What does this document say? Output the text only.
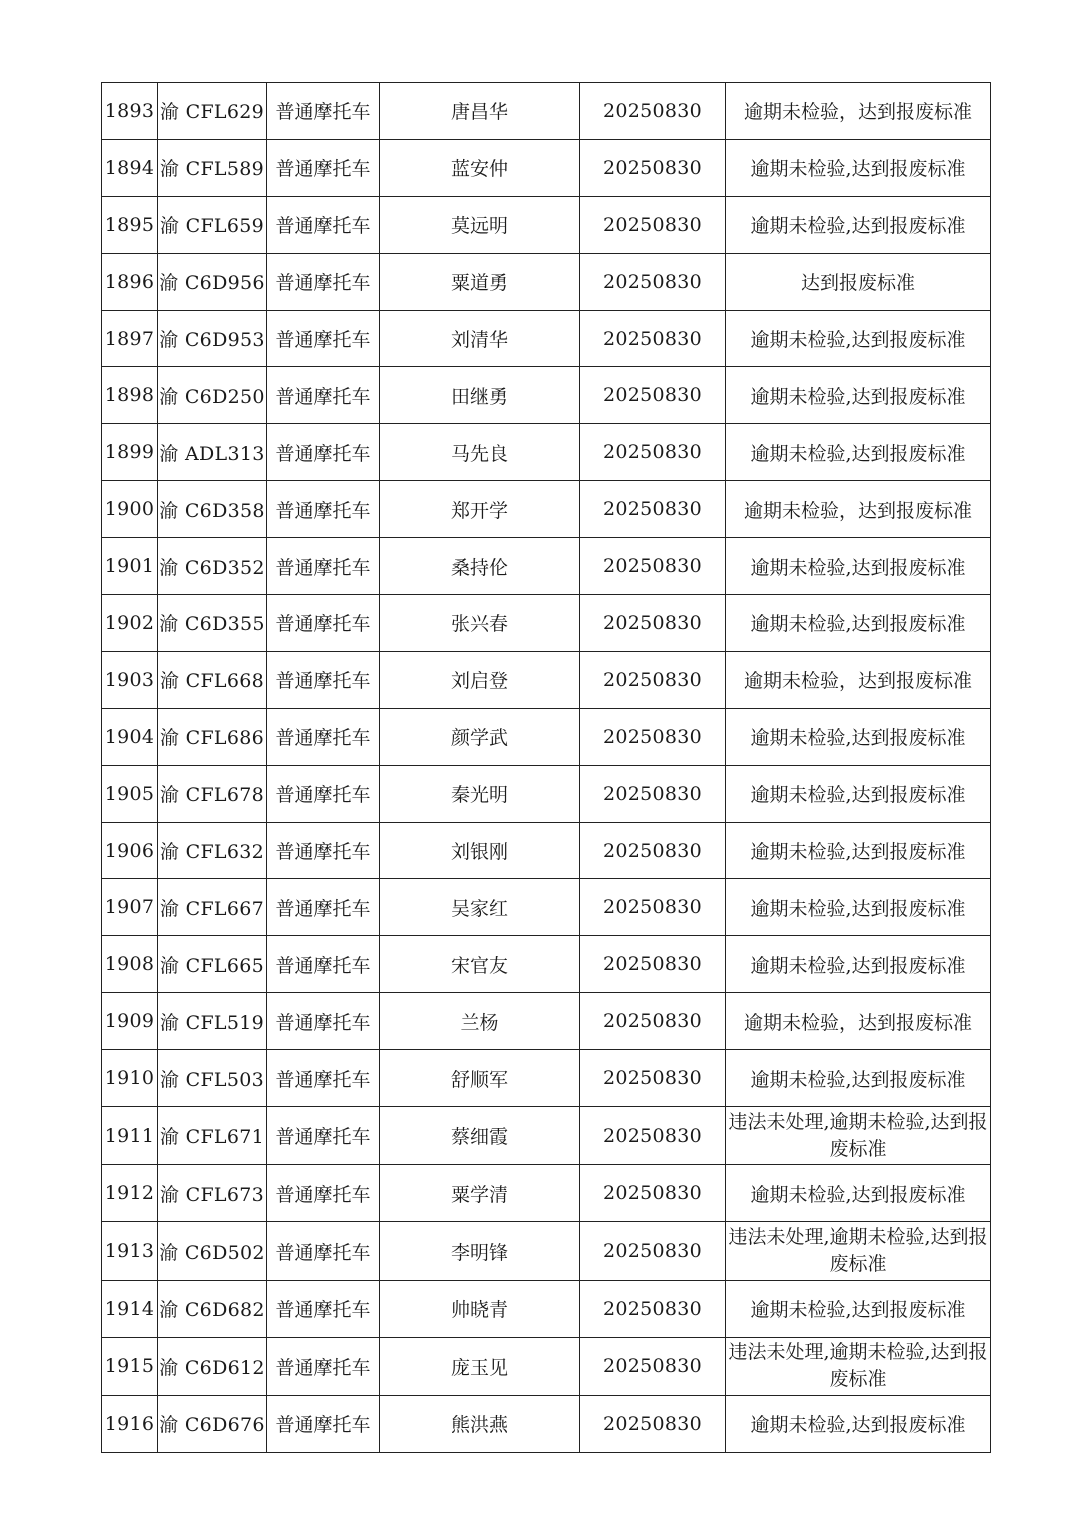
1893	渝 CFL629	普通摩托车	唐昌华	20250830	逾期未检验，达到报废标准
1894	渝 CFL589	普通摩托车	蓝安仲	20250830	逾期未检验,达到报废标准
1895	渝 CFL659	普通摩托车	莫远明	20250830	逾期未检验,达到报废标准
1896	渝 C6D956	普通摩托车	粟道勇	20250830	达到报废标准
1897	渝 C6D953	普通摩托车	刘清华	20250830	逾期未检验,达到报废标准
1898	渝 C6D250	普通摩托车	田继勇	20250830	逾期未检验,达到报废标准
1899	渝 ADL313	普通摩托车	马先良	20250830	逾期未检验,达到报废标准
1900	渝 C6D358	普通摩托车	郑开学	20250830	逾期未检验，达到报废标准
1901	渝 C6D352	普通摩托车	桑持伦	20250830	逾期未检验,达到报废标准
1902	渝 C6D355	普通摩托车	张兴春	20250830	逾期未检验,达到报废标准
1903	渝 CFL668	普通摩托车	刘启登	20250830	逾期未检验，达到报废标准
1904	渝 CFL686	普通摩托车	颜学武	20250830	逾期未检验,达到报废标准
1905	渝 CFL678	普通摩托车	秦光明	20250830	逾期未检验,达到报废标准
1906	渝 CFL632	普通摩托车	刘银刚	20250830	逾期未检验,达到报废标准
1907	渝 CFL667	普通摩托车	吴家红	20250830	逾期未检验,达到报废标准
1908	渝 CFL665	普通摩托车	宋官友	20250830	逾期未检验,达到报废标准
1909	渝 CFL519	普通摩托车	兰杨	20250830	逾期未检验，达到报废标准
1910	渝 CFL503	普通摩托车	舒顺军	20250830	逾期未检验,达到报废标准
1911	渝 CFL671	普通摩托车	蔡细霞	20250830	违法未处理,逾期未检验,达到报废标准
1912	渝 CFL673	普通摩托车	粟学清	20250830	逾期未检验,达到报废标准
1913	渝 C6D502	普通摩托车	李明锋	20250830	违法未处理,逾期未检验,达到报废标准
1914	渝 C6D682	普通摩托车	帅晓青	20250830	逾期未检验,达到报废标准
1915	渝 C6D612	普通摩托车	庞玉见	20250830	违法未处理,逾期未检验,达到报废标准
1916	渝 C6D676	普通摩托车	熊洪燕	20250830	逾期未检验,达到报废标准
